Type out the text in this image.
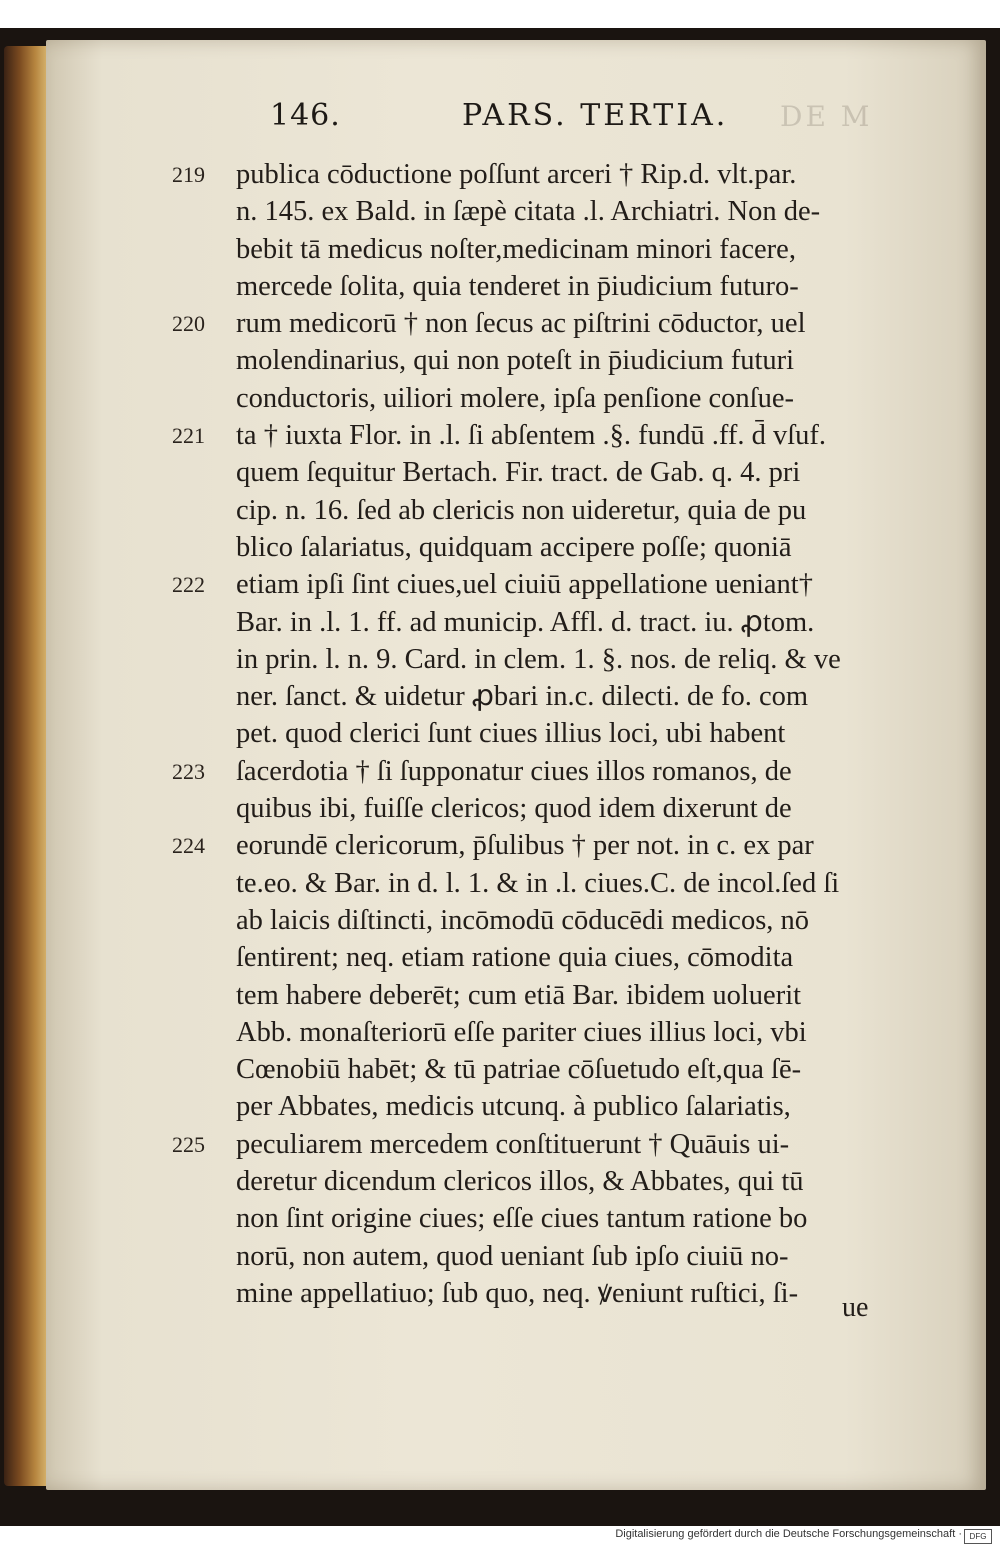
146.	PARS. TERTIA. DE M
219	publica cōductione poſſunt arceri † Rip.d. vlt.par.
n. 145. ex Bald. in ſæpè citata .l. Archiatri. Non de-
bebit tā medicus noſter,medicinam minori facere,
mercede ſolita, quia tenderet in p̄iudicium futuro-
220	rum medicorū † non ſecus ac piſtrini cōductor, uel
molendinarius, qui non poteſt in p̄iudicium futuri
conductoris, uiliori molere, ipſa penſione conſue-
221	ta † iuxta Flor. in .l. ſi abſentem .§. fundū .ff. d̄ vſuf.
quem ſequitur Bertach. Fir. tract. de Gab. q. 4. pri
cip. n. 16. ſed ab clericis non uideretur, quia de pu
blico ſalariatus, quidquam accipere poſſe; quoniā
222	etiam ipſi ſint ciues,uel ciuiū appellatione ueniant†
Bar. in .l. 1. ff. ad municip. Affl. d. tract. iu. ꝓtom.
in prin. l. n. 9. Card. in clem. 1. §. nos. de reliq. & ve
ner. ſanct. & uidetur ꝓbari in.c. dilecti. de fo. com
pet. quod clerici ſunt ciues illius loci, ubi habent
223	ſacerdotia † ſi ſupponatur ciues illos romanos, de
quibus ibi, fuiſſe clericos; quod idem dixerunt de
224	eorundē clericorum, p̄ſulibus † per not. in c. ex par
te.eo. & Bar. in d. l. 1. & in .l. ciues.C. de incol.ſed ſi
ab laicis diſtincti, incōmodū cōducēdi medicos, nō
ſentirent; neq. etiam ratione quia ciues, cōmodita
tem habere deberēt; cum etiā Bar. ibidem uoluerit
Abb. monaſteriorū eſſe pariter ciues illius loci, vbi
Cœnobiū habēt; & tū patriae cōſuetudo eſt,qua ſē-
per Abbates, medicis utcunq. à publico ſalariatis,
225	peculiarem mercedem conſtituerunt † Quāuis ui-
deretur dicendum clericos illos, & Abbates, qui tū
non ſint origine ciues; eſſe ciues tantum ratione bo
norū, non autem, quod ueniant ſub ipſo ciuiū no-
mine appellatiuo; ſub quo, neq. ꝟeniunt ruſtici, ſi- ue
Digitalisierung gefördert durch die Deutsche Forschungsgemeinschaft · DFG
